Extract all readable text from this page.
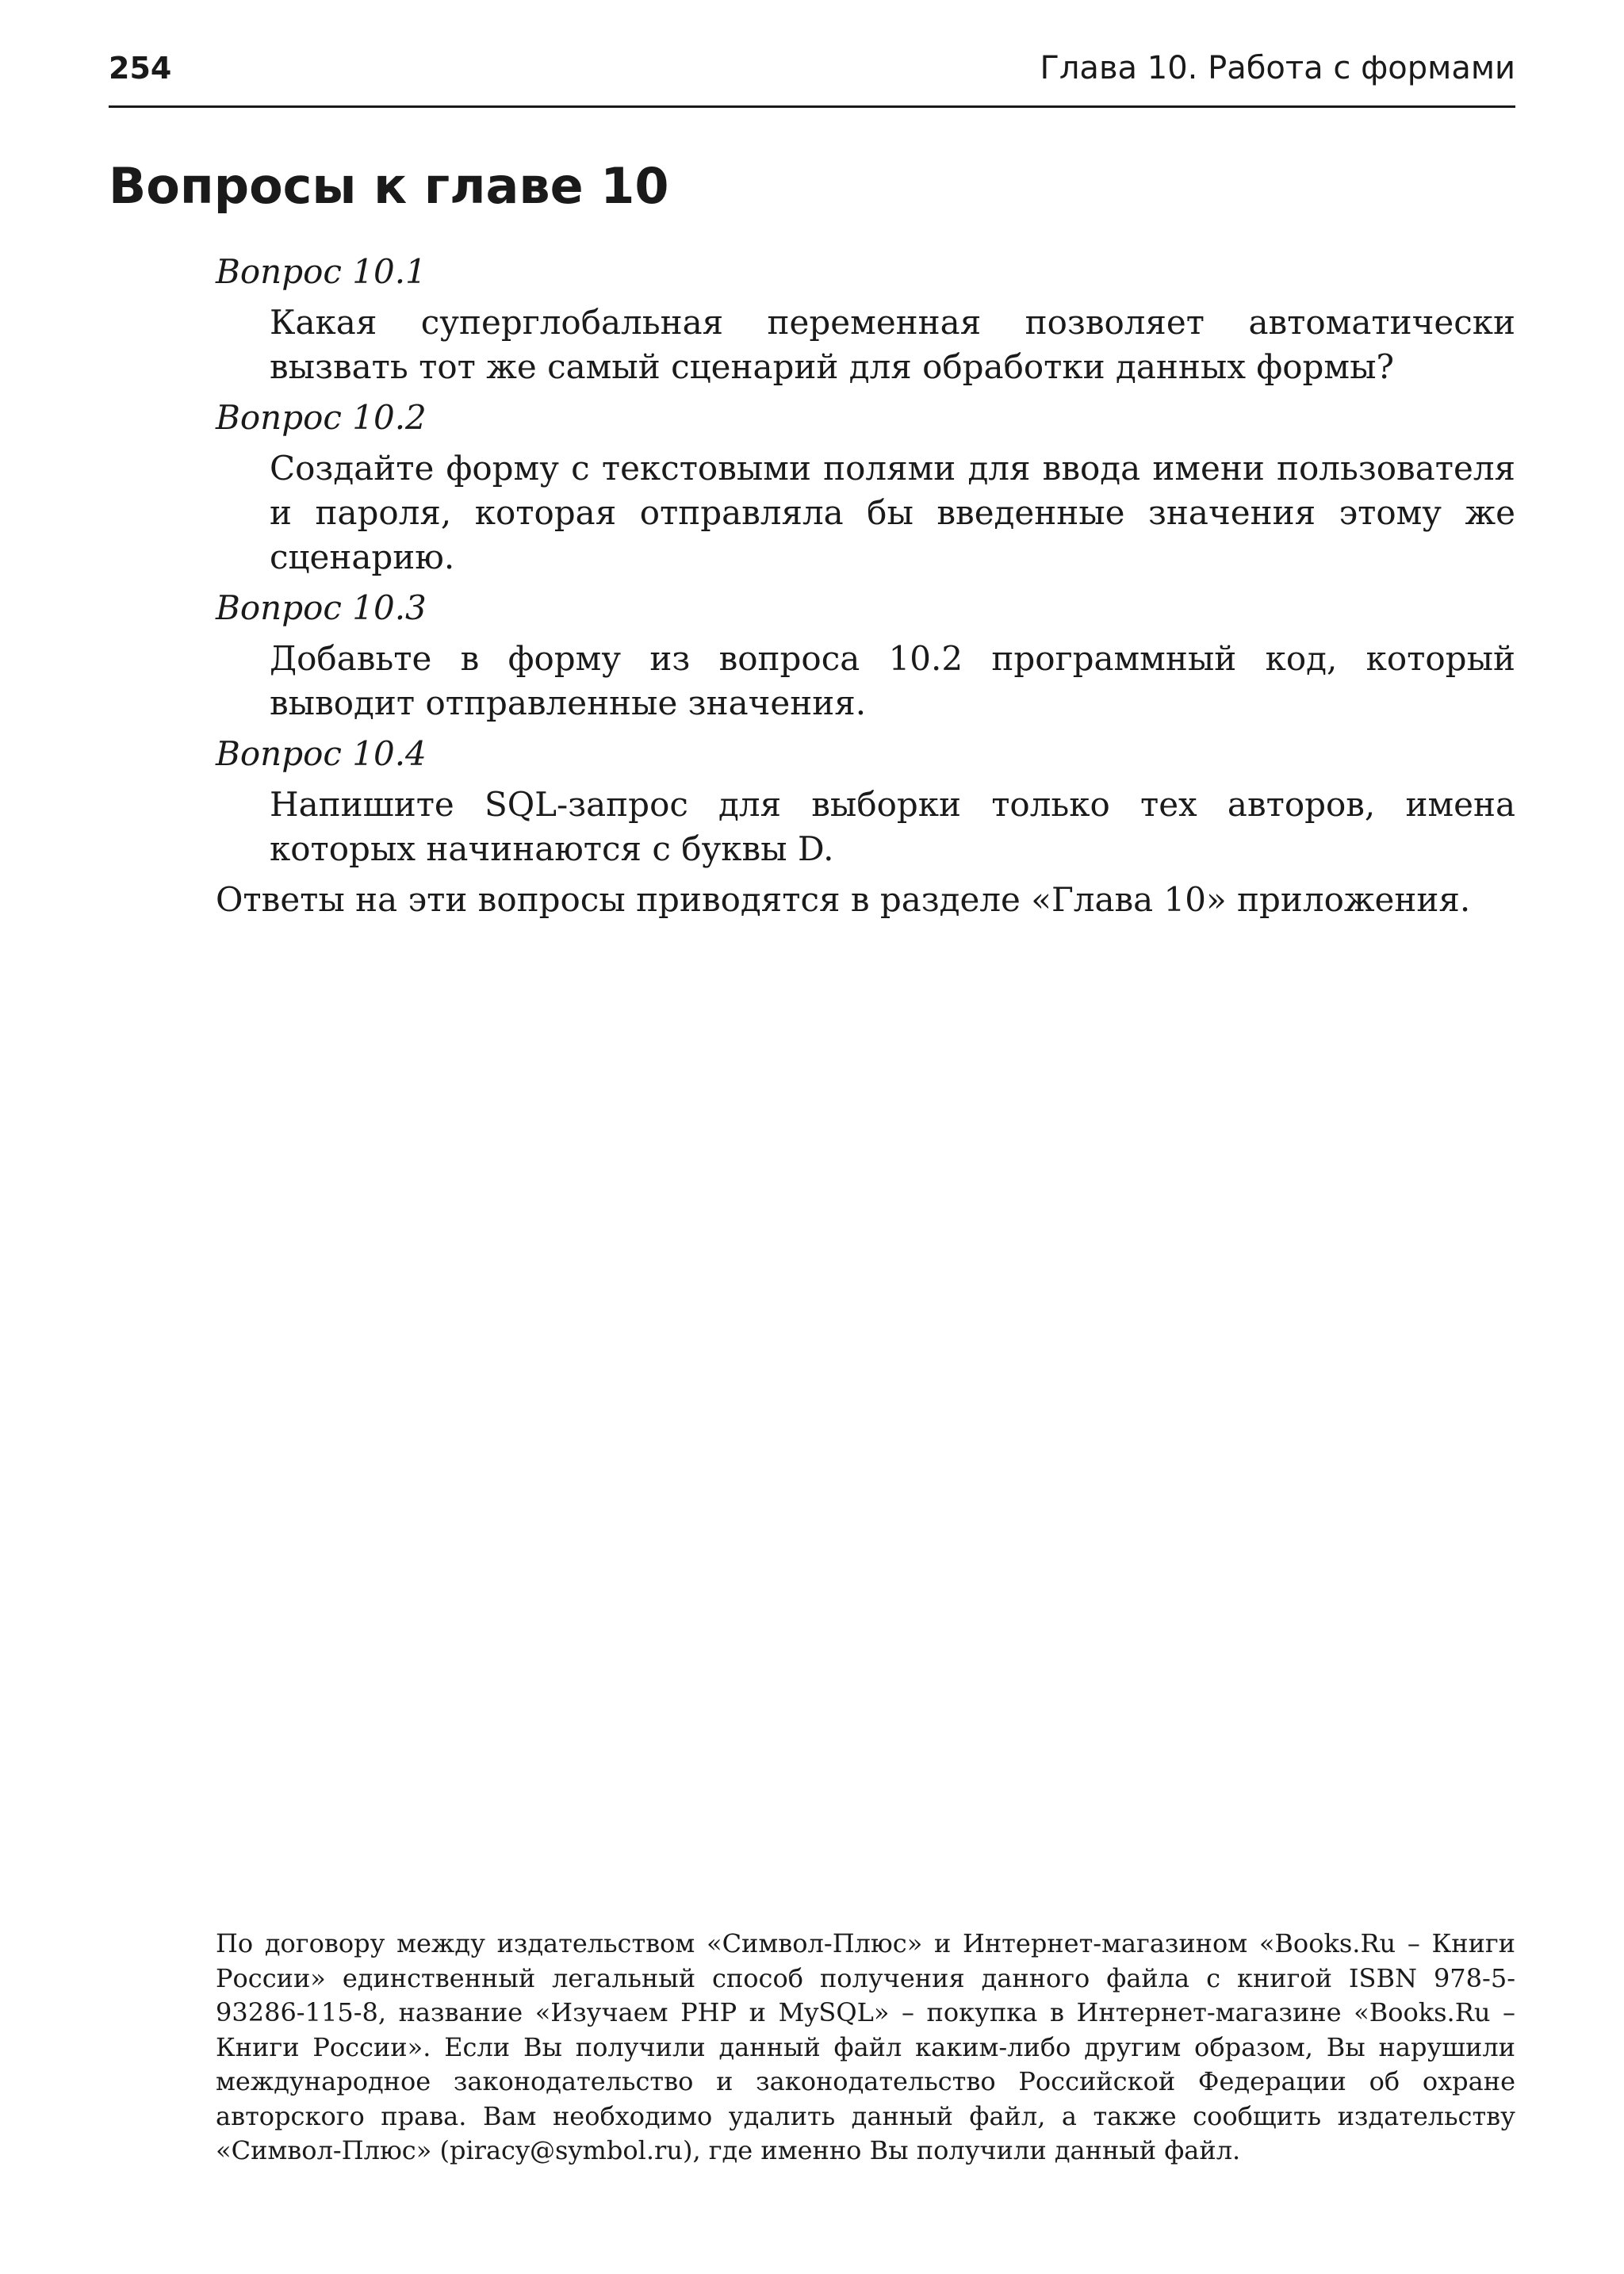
254	Глава 10. Работа с формами
Вопросы к главе 10

Вопрос 10.1

Какая суперглобальная переменная позволяет автоматически вызвать тот же самый сценарий для обработки данных формы?

Вопрос 10.2

Создайте форму с текстовыми полями для ввода имени пользователя и пароля, которая отправляла бы введенные значения этому же сценарию.

Вопрос 10.3

Добавьте в форму из вопроса 10.2 программный код, который выводит отправленные значения.

Вопрос 10.4

Напишите SQL-запрос для выборки только тех авторов, имена которых начинаются с буквы D.

Ответы на эти вопросы приводятся в разделе «Глава 10» приложения.

По договору между издательством «Символ-Плюс» и Интернет-магазином «Books.Ru – Книги России» единственный легальный способ получения данного файла с книгой ISBN 978-5-93286-115-8, название «Изучаем PHP и MySQL» – покупка в Интернет-магазине «Books.Ru – Книги России». Если Вы получили данный файл каким-либо другим образом, Вы нарушили международное законодательство и законодательство Российской Федерации об охране авторского права. Вам необходимо удалить данный файл, а также сообщить издательству «Символ-Плюс» (piracy@symbol.ru), где именно Вы получили данный файл.
